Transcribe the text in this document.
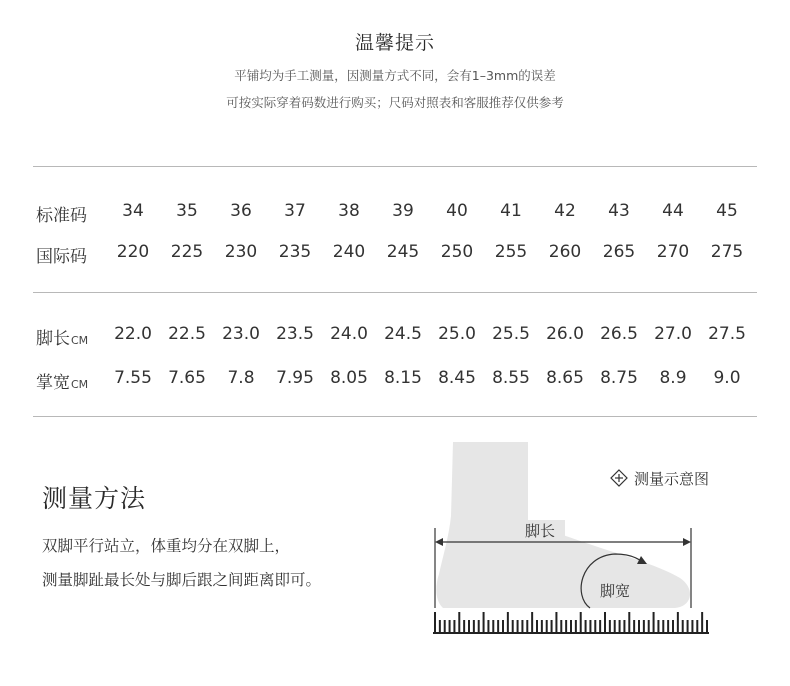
温馨提示
平铺均为手工测量，因测量方式不同，会有1–3mm的误差
可按实际穿着码数进行购买；尺码对照表和客服推荐仅供参考
标准码	34	35	36	37	38	39	40	41	42	43	44	45
国际码	220	225	230	235	240	245	250	255	260	265	270	275
脚长CM	22.0 22.5 23.0 23.5 24.0 24.5 25.0 25.5 26.0 26.5 27.0 27.5
掌宽CM	7.55 7.65	7.8	7.95 8.05 8.15 8.45 8.55 8.65 8.75	8.9	9.0
测量方法
双脚平行站立，体重均分在双脚上，
测量脚趾最长处与脚后跟之间距离即可。
脚长
脚宽
测量示意图
